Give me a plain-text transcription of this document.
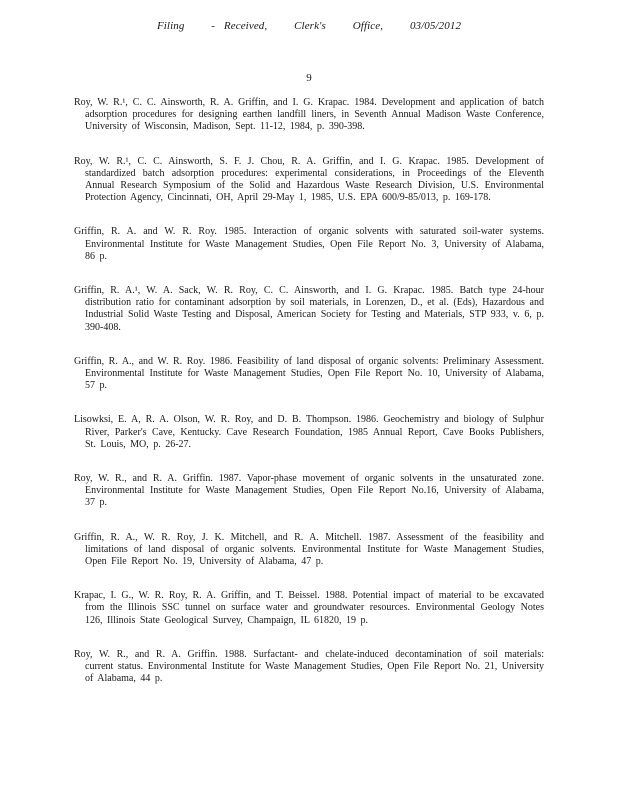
Filing - Received, Clerk's Office, 03/05/2012
9

Roy, W. R.¹, C. C. Ainsworth, R. A. Griffin, and I. G. Krapac. 1984. Development and application of batch adsorption procedures for designing earthen landfill liners, in Seventh Annual Madison Waste Conference, University of Wisconsin, Madison, Sept. 11-12, 1984, p. 390-398.

Roy, W. R.¹, C. C. Ainsworth, S. F. J. Chou, R. A. Griffin, and I. G. Krapac. 1985. Development of standardized batch adsorption procedures: experimental considerations, in Proceedings of the Eleventh Annual Research Symposium of the Solid and Hazardous Waste Research Division, U.S. Environmental Protection Agency, Cincinnati, OH, April 29-May 1, 1985, U.S. EPA 600/9-85/013, p. 169-178.

Griffin, R. A. and W. R. Roy. 1985. Interaction of organic solvents with saturated soil-water systems. Environmental Institute for Waste Management Studies, Open File Report No. 3, University of Alabama, 86 p.

Griffin, R. A.¹, W. A. Sack, W. R. Roy, C. C. Ainsworth, and I. G. Krapac. 1985. Batch type 24-hour distribution ratio for contaminant adsorption by soil materials, in Lorenzen, D., et al. (Eds), Hazardous and Industrial Solid Waste Testing and Disposal, American Society for Testing and Materials, STP 933, v. 6, p. 390-408.

Griffin, R. A., and W. R. Roy. 1986. Feasibility of land disposal of organic solvents: Preliminary Assessment. Environmental Institute for Waste Management Studies, Open File Report No. 10, University of Alabama, 57 p.

Lisowksi, E. A, R. A. Olson, W. R. Roy, and D. B. Thompson. 1986. Geochemistry and biology of Sulphur River, Parker's Cave, Kentucky. Cave Research Foundation, 1985 Annual Report, Cave Books Publishers, St. Louis, MO, p. 26-27.

Roy, W. R., and R. A. Griffin. 1987. Vapor-phase movement of organic solvents in the unsaturated zone. Environmental Institute for Waste Management Studies, Open File Report No.16, University of Alabama, 37 p.

Griffin, R. A., W. R. Roy, J. K. Mitchell, and R. A. Mitchell. 1987. Assessment of the feasibility and limitations of land disposal of organic solvents. Environmental Institute for Waste Management Studies, Open File Report No. 19, University of Alabama, 47 p.

Krapac, I. G., W. R. Roy, R. A. Griffin, and T. Beissel. 1988. Potential impact of material to be excavated from the Illinois SSC tunnel on surface water and groundwater resources. Environmental Geology Notes 126, Illinois State Geological Survey, Champaign, IL 61820, 19 p.

Roy, W. R., and R. A. Griffin. 1988. Surfactant- and chelate-induced decontamination of soil materials: current status. Environmental Institute for Waste Management Studies, Open File Report No. 21, University of Alabama, 44 p.
